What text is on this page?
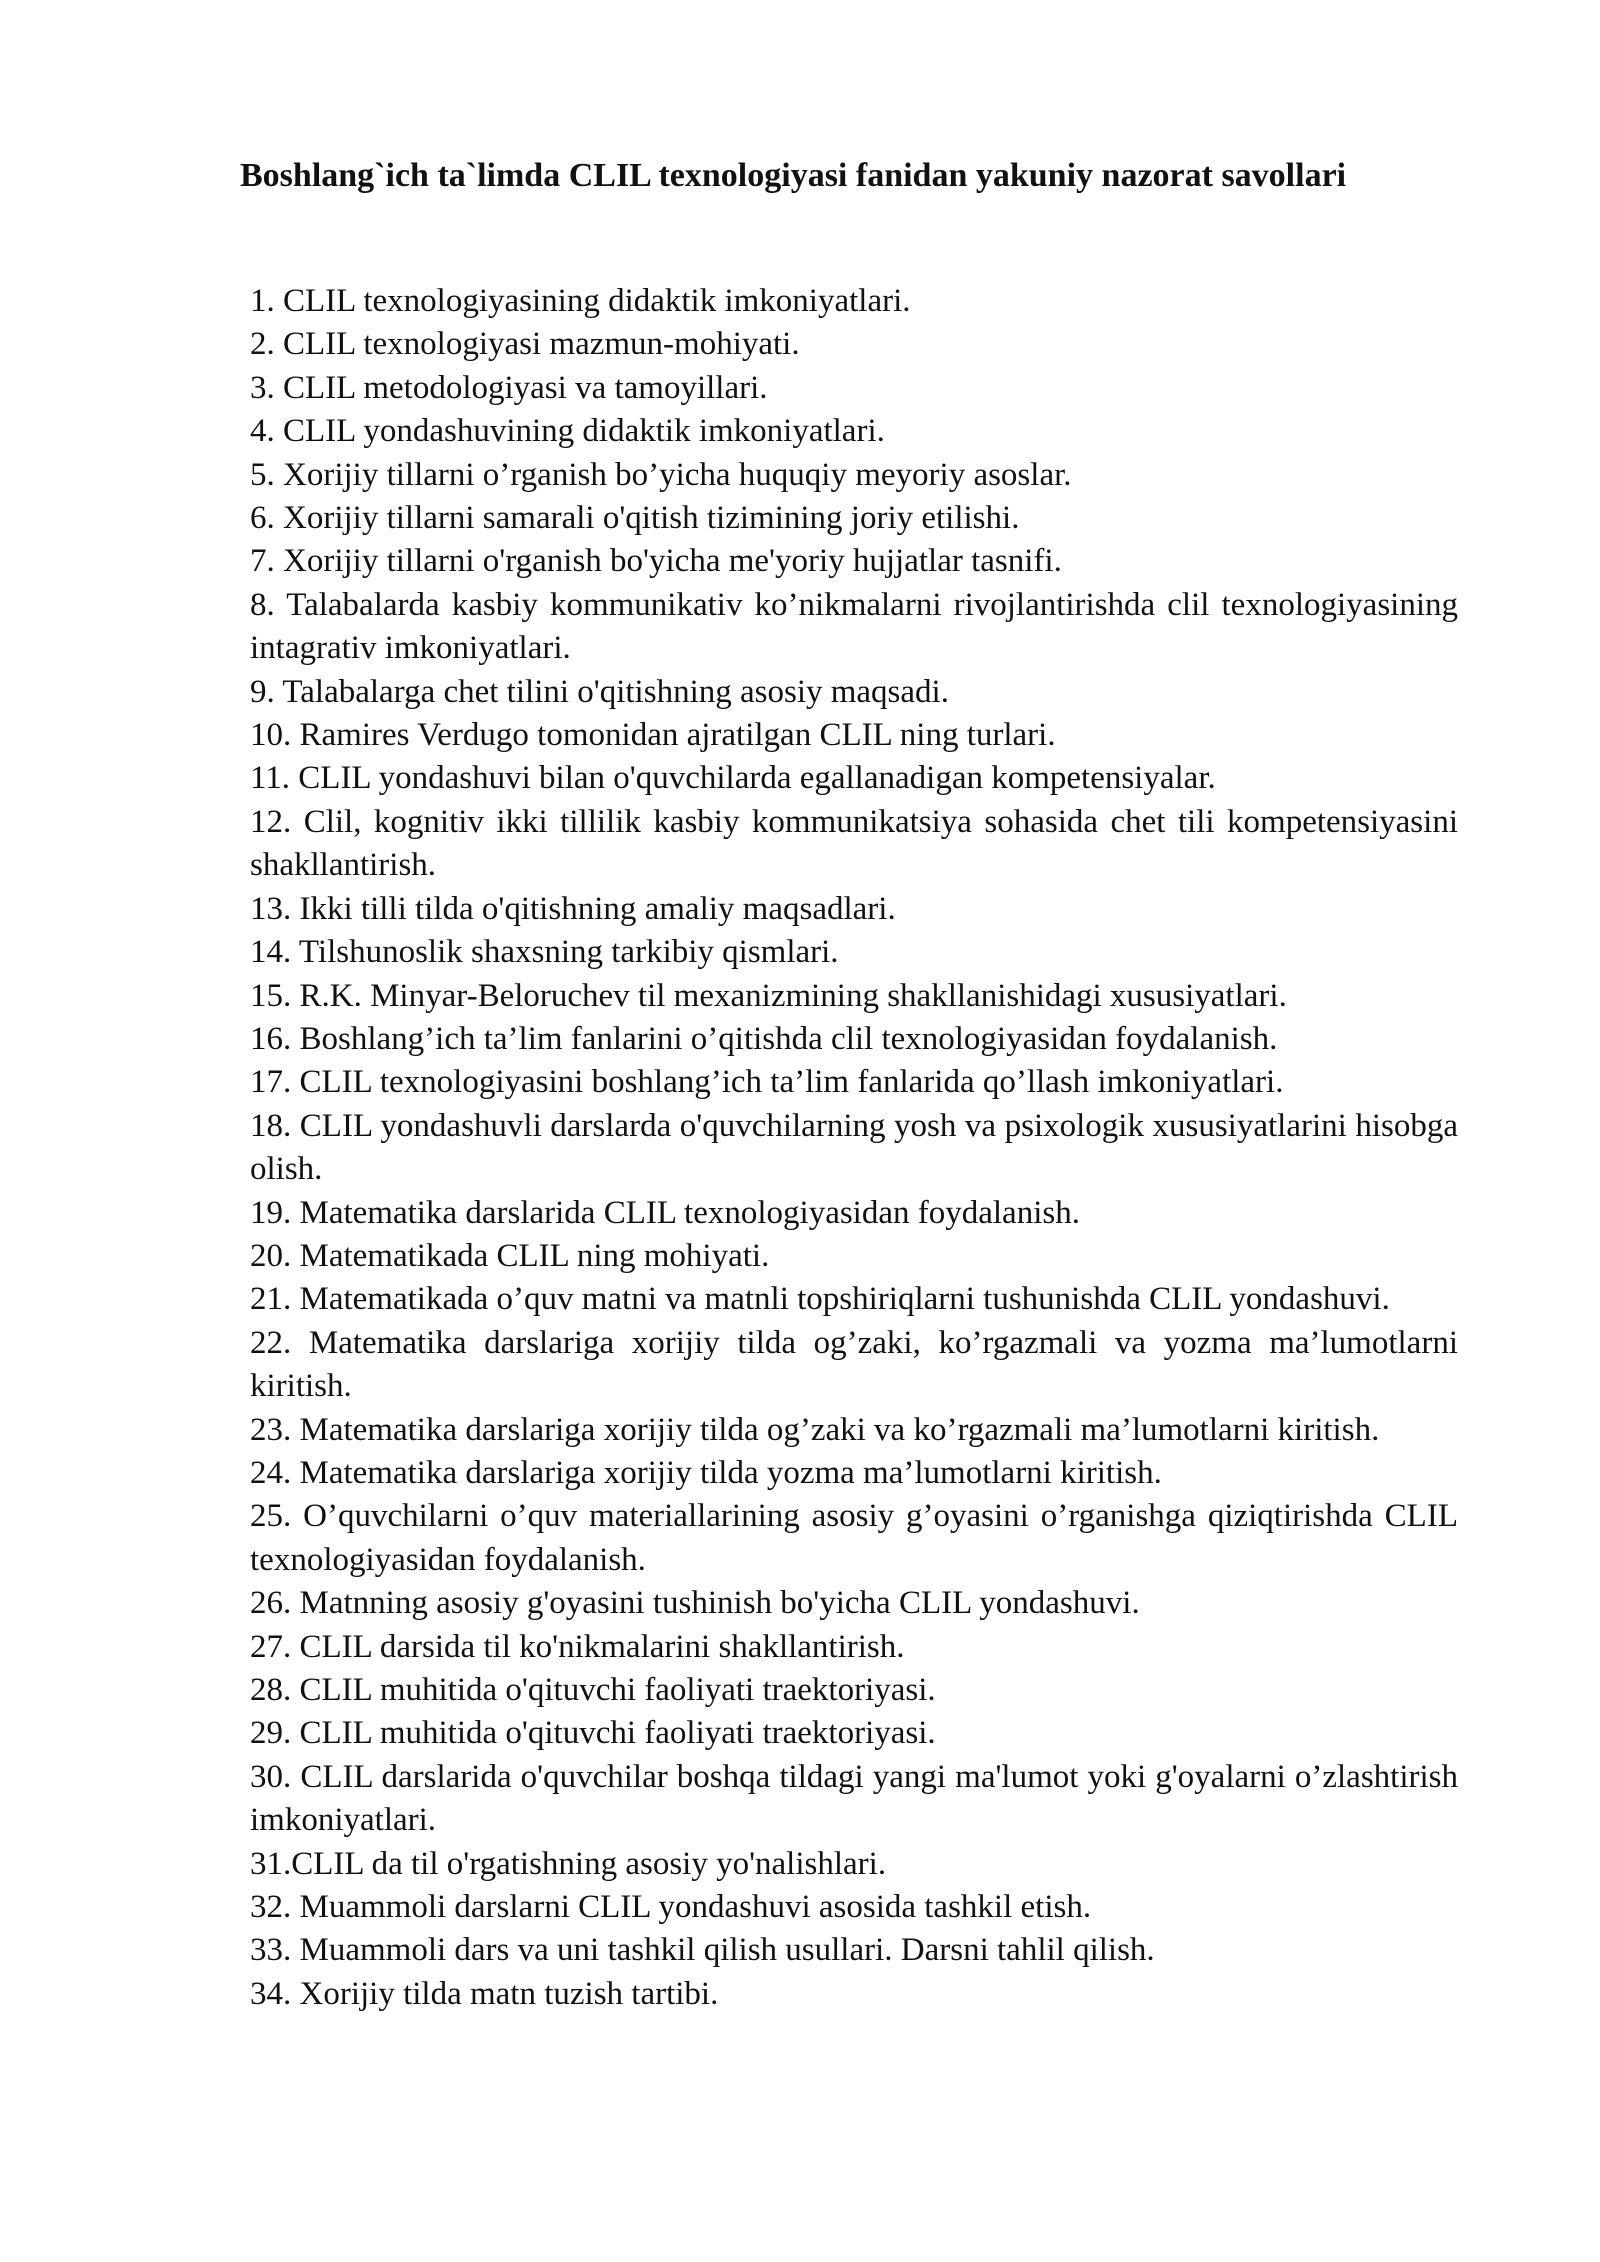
Boshlang`ich ta`limda CLIL texnologiyasi fanidan yakuniy nazorat savollari
1. CLIL texnologiyasining didaktik imkoniyatlari.
2. CLIL texnologiyasi mazmun-mohiyati.
3. CLIL metodologiyasi va tamoyillari.
4. CLIL yondashuvining didaktik imkoniyatlari.
5. Xorijiy tillarni o’rganish bo’yicha huquqiy meyoriy asoslar.
6. Xorijiy tillarni samarali o'qitish tizimining joriy etilishi.
7. Xorijiy tillarni o'rganish bo'yicha me'yoriy hujjatlar tasnifi.
8. Talabalarda kasbiy kommunikativ ko’nikmalarni rivojlantirishda clil texnologiyasining intagrativ imkoniyatlari.
9. Talabalarga chet tilini o'qitishning asosiy maqsadi.
10. Ramires Verdugo tomonidan ajratilgan CLIL ning turlari.
11. CLIL yondashuvi bilan o'quvchilarda egallanadigan kompetensiyalar.
12. Clil, kognitiv ikki tillilik kasbiy kommunikatsiya sohasida chet tili kompetensiyasini shakllantirish.
13. Ikki tilli tilda o'qitishning amaliy maqsadlari.
14. Tilshunoslik shaxsning tarkibiy qismlari.
15. R.K. Minyar-Beloruchev til mexanizmining shakllanishidagi xususiyatlari.
16. Boshlang’ich ta’lim fanlarini o’qitishda clil texnologiyasidan foydalanish.
17. CLIL texnologiyasini boshlang’ich ta’lim fanlarida qo’llash imkoniyatlari.
18. CLIL yondashuvli darslarda o'quvchilarning yosh va psixologik xususiyatlarini hisobga olish.
19. Matematika darslarida CLIL texnologiyasidan foydalanish.
20. Matematikada CLIL ning mohiyati.
21. Matematikada o’quv matni va matnli topshiriqlarni tushunishda CLIL yondashuvi.
22. Matematika darslariga xorijiy tilda og’zaki, ko’rgazmali va yozma ma’lumotlarni kiritish.
23. Matematika darslariga xorijiy tilda og’zaki va ko’rgazmali ma’lumotlarni kiritish.
24. Matematika darslariga xorijiy tilda yozma ma’lumotlarni kiritish.
25. O’quvchilarni o’quv materiallarining asosiy g’oyasini o’rganishga qiziqtirishda CLIL texnologiyasidan foydalanish.
26. Matnning asosiy g'oyasini tushinish bo'yicha CLIL yondashuvi.
27. CLIL darsida til ko'nikmalarini shakllantirish.
28. CLIL muhitida o'qituvchi faoliyati traektoriyasi.
29. CLIL muhitida o'qituvchi faoliyati traektoriyasi.
30. CLIL darslarida o'quvchilar boshqa tildagi yangi ma'lumot yoki g'oyalarni o’zlashtirish imkoniyatlari.
31.CLIL da til o'rgatishning asosiy yo'nalishlari.
32. Muammoli darslarni CLIL yondashuvi asosida tashkil etish.
33. Muammoli dars va uni tashkil qilish usullari. Darsni tahlil qilish.
34. Xorijiy tilda matn tuzish tartibi.
